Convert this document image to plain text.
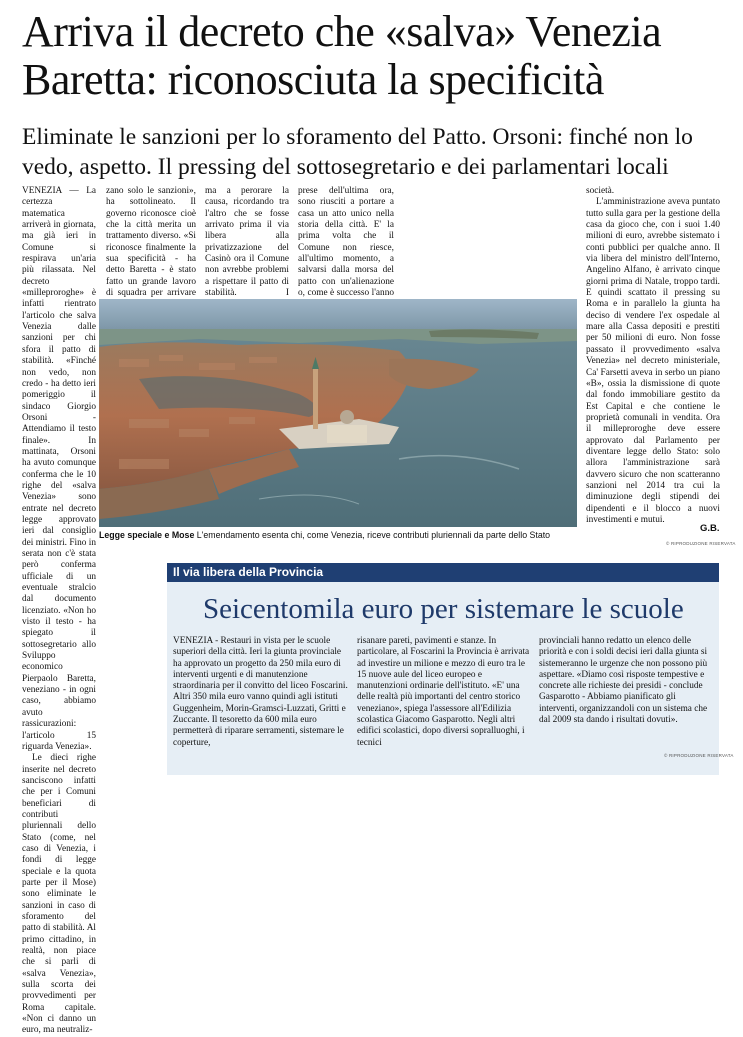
Arriva il decreto che «salva» Venezia
Baretta: riconosciuta la specificità
Eliminate le sanzioni per lo sforamento del Patto. Orsoni: finché non lo
vedo, aspetto. Il pressing del sottosegretario e dei parlamentari locali

VENEZIA — La certezza matematica arriverà in giornata, ma già ieri in Comune si respirava un'aria più rilassata. Nel decreto «milleproroghe» è infatti rientrato l'articolo che salva Venezia dalle sanzioni per chi sfora il patto di stabilità. «Finché non vedo, non credo - ha detto ieri pomeriggio il sindaco Giorgio Orsoni - Attendiamo il testo finale». In mattinata, Orsoni ha avuto comunque conferma che le 10 righe del «salva Venezia» sono entrate nel decreto legge approvato ieri dal consiglio dei ministri. Fino in serata non c'è stata però conferma ufficiale di un eventuale stralcio dal documento licenziato. «Non ho visto il testo - ha spiegato il sottosegretario allo Sviluppo economico Pierpaolo Baretta, veneziano - in ogni caso, abbiamo avuto rassicurazioni: l'articolo 15 riguarda Venezia».

Le dieci righe inserite nel decreto sanciscono infatti che per i Comuni beneficiari di contributi pluriennali dello Stato (come, nel caso di Venezia, i fondi di legge speciale e la quota parte per il Mose) sono eliminate le sanzioni in caso di sforamento del patto di stabilità. Al primo cittadino, in realtà, non piace che si parli di «salva Venezia», sulla scorta dei provvedimenti per Roma capitale. «Non ci danno un euro, ma neutraliz-

zano solo le sanzioni», ha sottolineato. Il governo riconosce cioè che la città merita un trattamento diverso. «Si riconosce finalmente la sua specificità - ha detto Baretta - è stato fatto un grande lavoro di squadra per arrivare

ma a perorare la causa, ricordando tra l'altro che se fosse arrivato prima il via libera alla privatizzazione del Casinò ora il Comune non avrebbe problemi a rispettare il patto di stabilità. I

prese dell'ultima ora, sono riusciti a portare a casa un atto unico nella storia della città. E' la prima volta che il Comune non riesce, all'ultimo momento, a salvarsi dalla morsa del patto con un'alienazione o, come è successo l'anno

società.

L'amministrazione aveva puntato tutto sulla gara per la gestione della casa da gioco che, con i suoi 1.40 milioni di euro, avrebbe sistemato i conti pubblici per qualche anno. Il via libera del ministro dell'Interno, Angelino Alfano, è arrivato cinque giorni prima di Natale, troppo tardi. E quindi scattato il pressing su Roma e in parallelo la giunta ha deciso di vendere l'ex ospedale al mare alla Cassa depositi e prestiti per 50 milioni di euro. Non fosse passato il provvedimento «salva Venezia» nel decreto ministeriale, Ca' Farsetti aveva in serbo un piano «B», ossia la dismissione di quote dal fondo immobiliare gestito da Est Capital e che contiene le proprietà comunali in vendita. Ora il milleproroghe deve essere approvato dal Parlamento per diventare legge dello Stato: solo allora l'amministrazione sarà davvero sicuro che non scatteranno sanzioni nel 2014 tra cui la diminuzione degli stipendi dei dipendenti e il blocco a nuovi investimenti e mutui.

Legge speciale e Mose L'emendamento esenta chi, come Venezia, riceve contributi pluriennali da parte dello Stato
G.B.
© RIPRODUZIONE RISERVATA
Il via libera della Provincia
Seicentomila euro per sistemare le scuole

VENEZIA - Restauri in vista per le scuole superiori della città. Ieri la giunta provinciale ha approvato un progetto da 250 mila euro di interventi urgenti e di manutenzione straordinaria per il convitto del liceo Foscarini. Altri 350 mila euro vanno quindi agli istituti Guggenheim, Morin-Gramsci-Luzzati, Gritti e Zuccante. Il tesoretto da 600 mila euro permetterà di riparare serramenti, sistemare le coperture,

risanare pareti, pavimenti e stanze. In particolare, al Foscarini la Provincia è arrivata ad investire un milione e mezzo di euro tra le 15 nuove aule del liceo europeo e manutenzioni ordinarie dell'istituto. «E' una delle realtà più importanti del centro storico veneziano», spiega l'assessore all'Edilizia scolastica Giacomo Gasparotto. Negli altri edifici scolastici, dopo diversi sopralluoghi, i tecnici

provinciali hanno redatto un elenco delle priorità e con i soldi decisi ieri dalla giunta si sistemeranno le urgenze che non possono più aspettare. «Diamo così risposte tempestive e concrete alle richieste dei presidi - conclude Gasparotto - Abbiamo pianificato gli interventi, organizzandoli con un sistema che dal 2009 sta dando i risultati dovuti».

© RIPRODUZIONE RISERVATA
